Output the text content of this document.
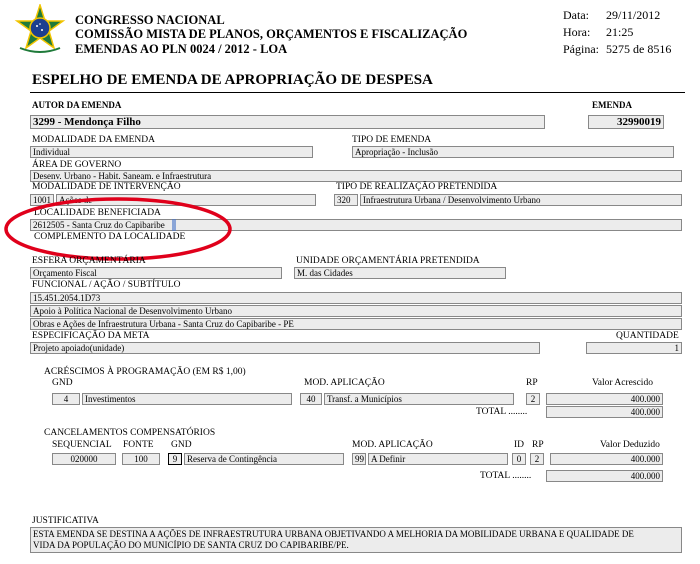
CONGRESSO NACIONAL
COMISSÃO MISTA DE PLANOS, ORÇAMENTOS E FISCALIZAÇÃO
EMENDAS AO PLN 0024 / 2012 - LOA
Data: 29/11/2012
Hora: 21:25
Página: 5275 de 8516
ESPELHO DE EMENDA DE APROPRIAÇÃO DE DESPESA
AUTOR DA EMENDA
3299 - Mendonça Filho
EMENDA
32990019
MODALIDADE DA EMENDA
Individual
TIPO DE EMENDA
Apropriação - Inclusão
ÁREA DE GOVERNO
Desenv. Urbano - Habit. Saneam. e Infraestrutura
MODALIDADE DE INTERVENÇÃO
1001 Ações de
TIPO DE REALIZAÇÃO PRETENDIDA
320	Infraestrutura Urbana / Desenvolvimento Urbano
LOCALIDADE BENEFICIADA
2612505 - Santa Cruz do Capibaribe
COMPLEMENTO DA LOCALIDADE
ESFERA ORÇAMENTÁRIA
Orçamento Fiscal
UNIDADE ORÇAMENTÁRIA PRETENDIDA
M. das Cidades
FUNCIONAL / AÇÃO / SUBTÍTULO
15.451.2054.1D73
Apoio à Política Nacional de Desenvolvimento Urbano
Obras e Ações de Infraestrutura Urbana - Santa Cruz do Capibaribe - PE
ESPECIFICAÇÃO DA META
Projeto apoiado(unidade)
QUANTIDADE
1
ACRÉSCIMOS À PROGRAMAÇÃO (EM R$ 1,00)
GND	MOD. APLICAÇÃO	RP	Valor Acrescido
4	Investimentos	40	Transf. a Municípios	2	400.000
TOTAL ........	400.000
CANCELAMENTOS COMPENSATÓRIOS
SEQUENCIAL FONTE GND	MOD. APLICAÇÃO	ID RP	Valor Deduzido
020000	100	9	Reserva de Contingência	99 A Definir	0	2	400.000
TOTAL ........	400.000
JUSTIFICATIVA
ESTA EMENDA SE DESTINA A AÇÕES DE INFRAESTRUTURA URBANA OBJETIVANDO A MELHORIA DA MOBILIDADE URBANA E QUALIDADE DE
VIDA DA POPULAÇÃO DO MUNICÍPIO DE SANTA CRUZ DO CAPIBARIBE/PE.
